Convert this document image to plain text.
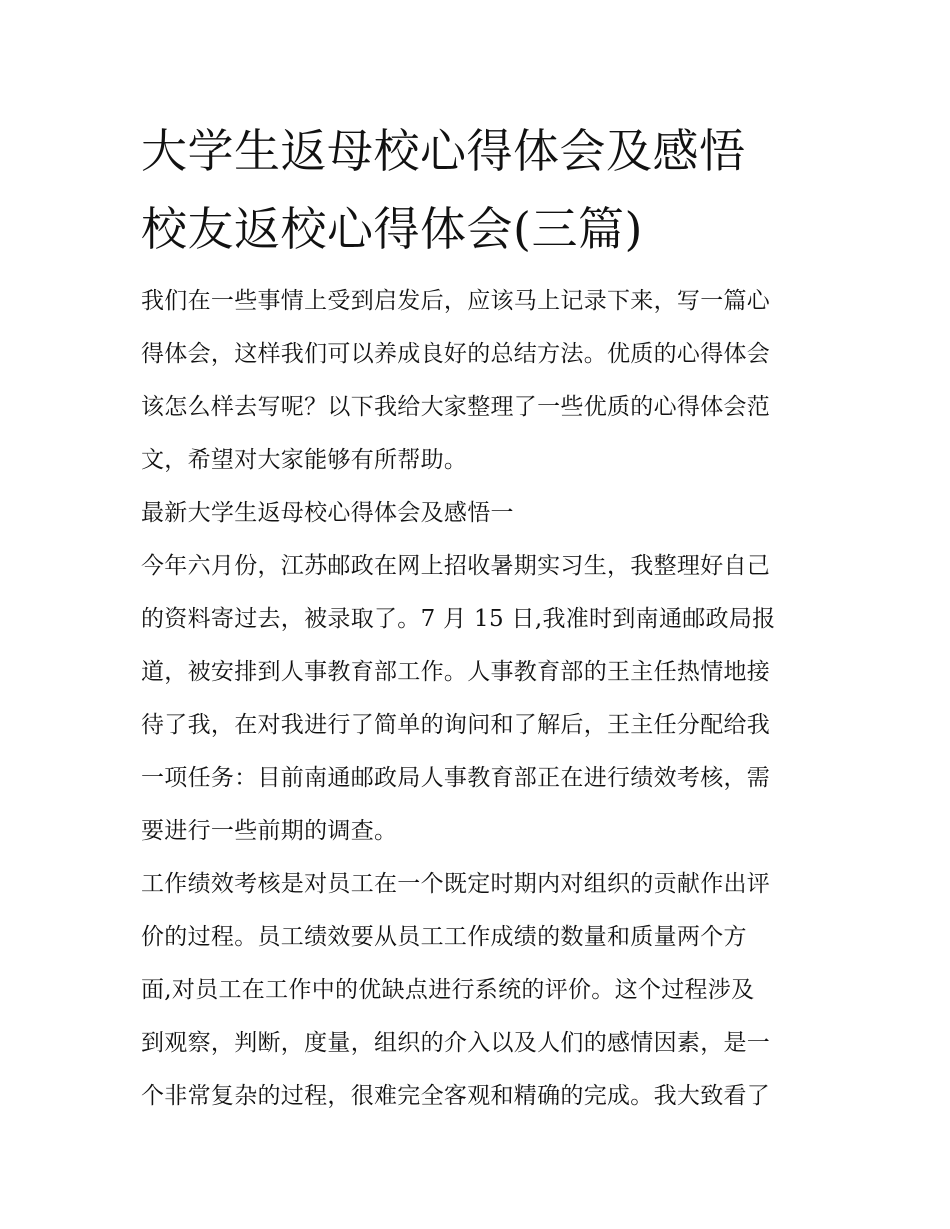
大学生返母校心得体会及感悟
校友返校心得体会(三篇)
我们在一些事情上受到启发后，应该马上记录下来，写一篇心
得体会，这样我们可以养成良好的总结方法。优质的心得体会
该怎么样去写呢？以下我给大家整理了一些优质的心得体会范
文，希望对大家能够有所帮助。
最新大学生返母校心得体会及感悟一
今年六月份，江苏邮政在网上招收暑期实习生，我整理好自己
的资料寄过去，被录取了。7 月 15 日,我准时到南通邮政局报
道，被安排到人事教育部工作。人事教育部的王主任热情地接
待了我，在对我进行了简单的询问和了解后，王主任分配给我
一项任务：目前南通邮政局人事教育部正在进行绩效考核，需
要进行一些前期的调查。
工作绩效考核是对员工在一个既定时期内对组织的贡献作出评
价的过程。员工绩效要从员工工作成绩的数量和质量两个方
面,对员工在工作中的优缺点进行系统的评价。这个过程涉及
到观察，判断，度量，组织的介入以及人们的感情因素，是一
个非常复杂的过程，很难完全客观和精确的完成。我大致看了
